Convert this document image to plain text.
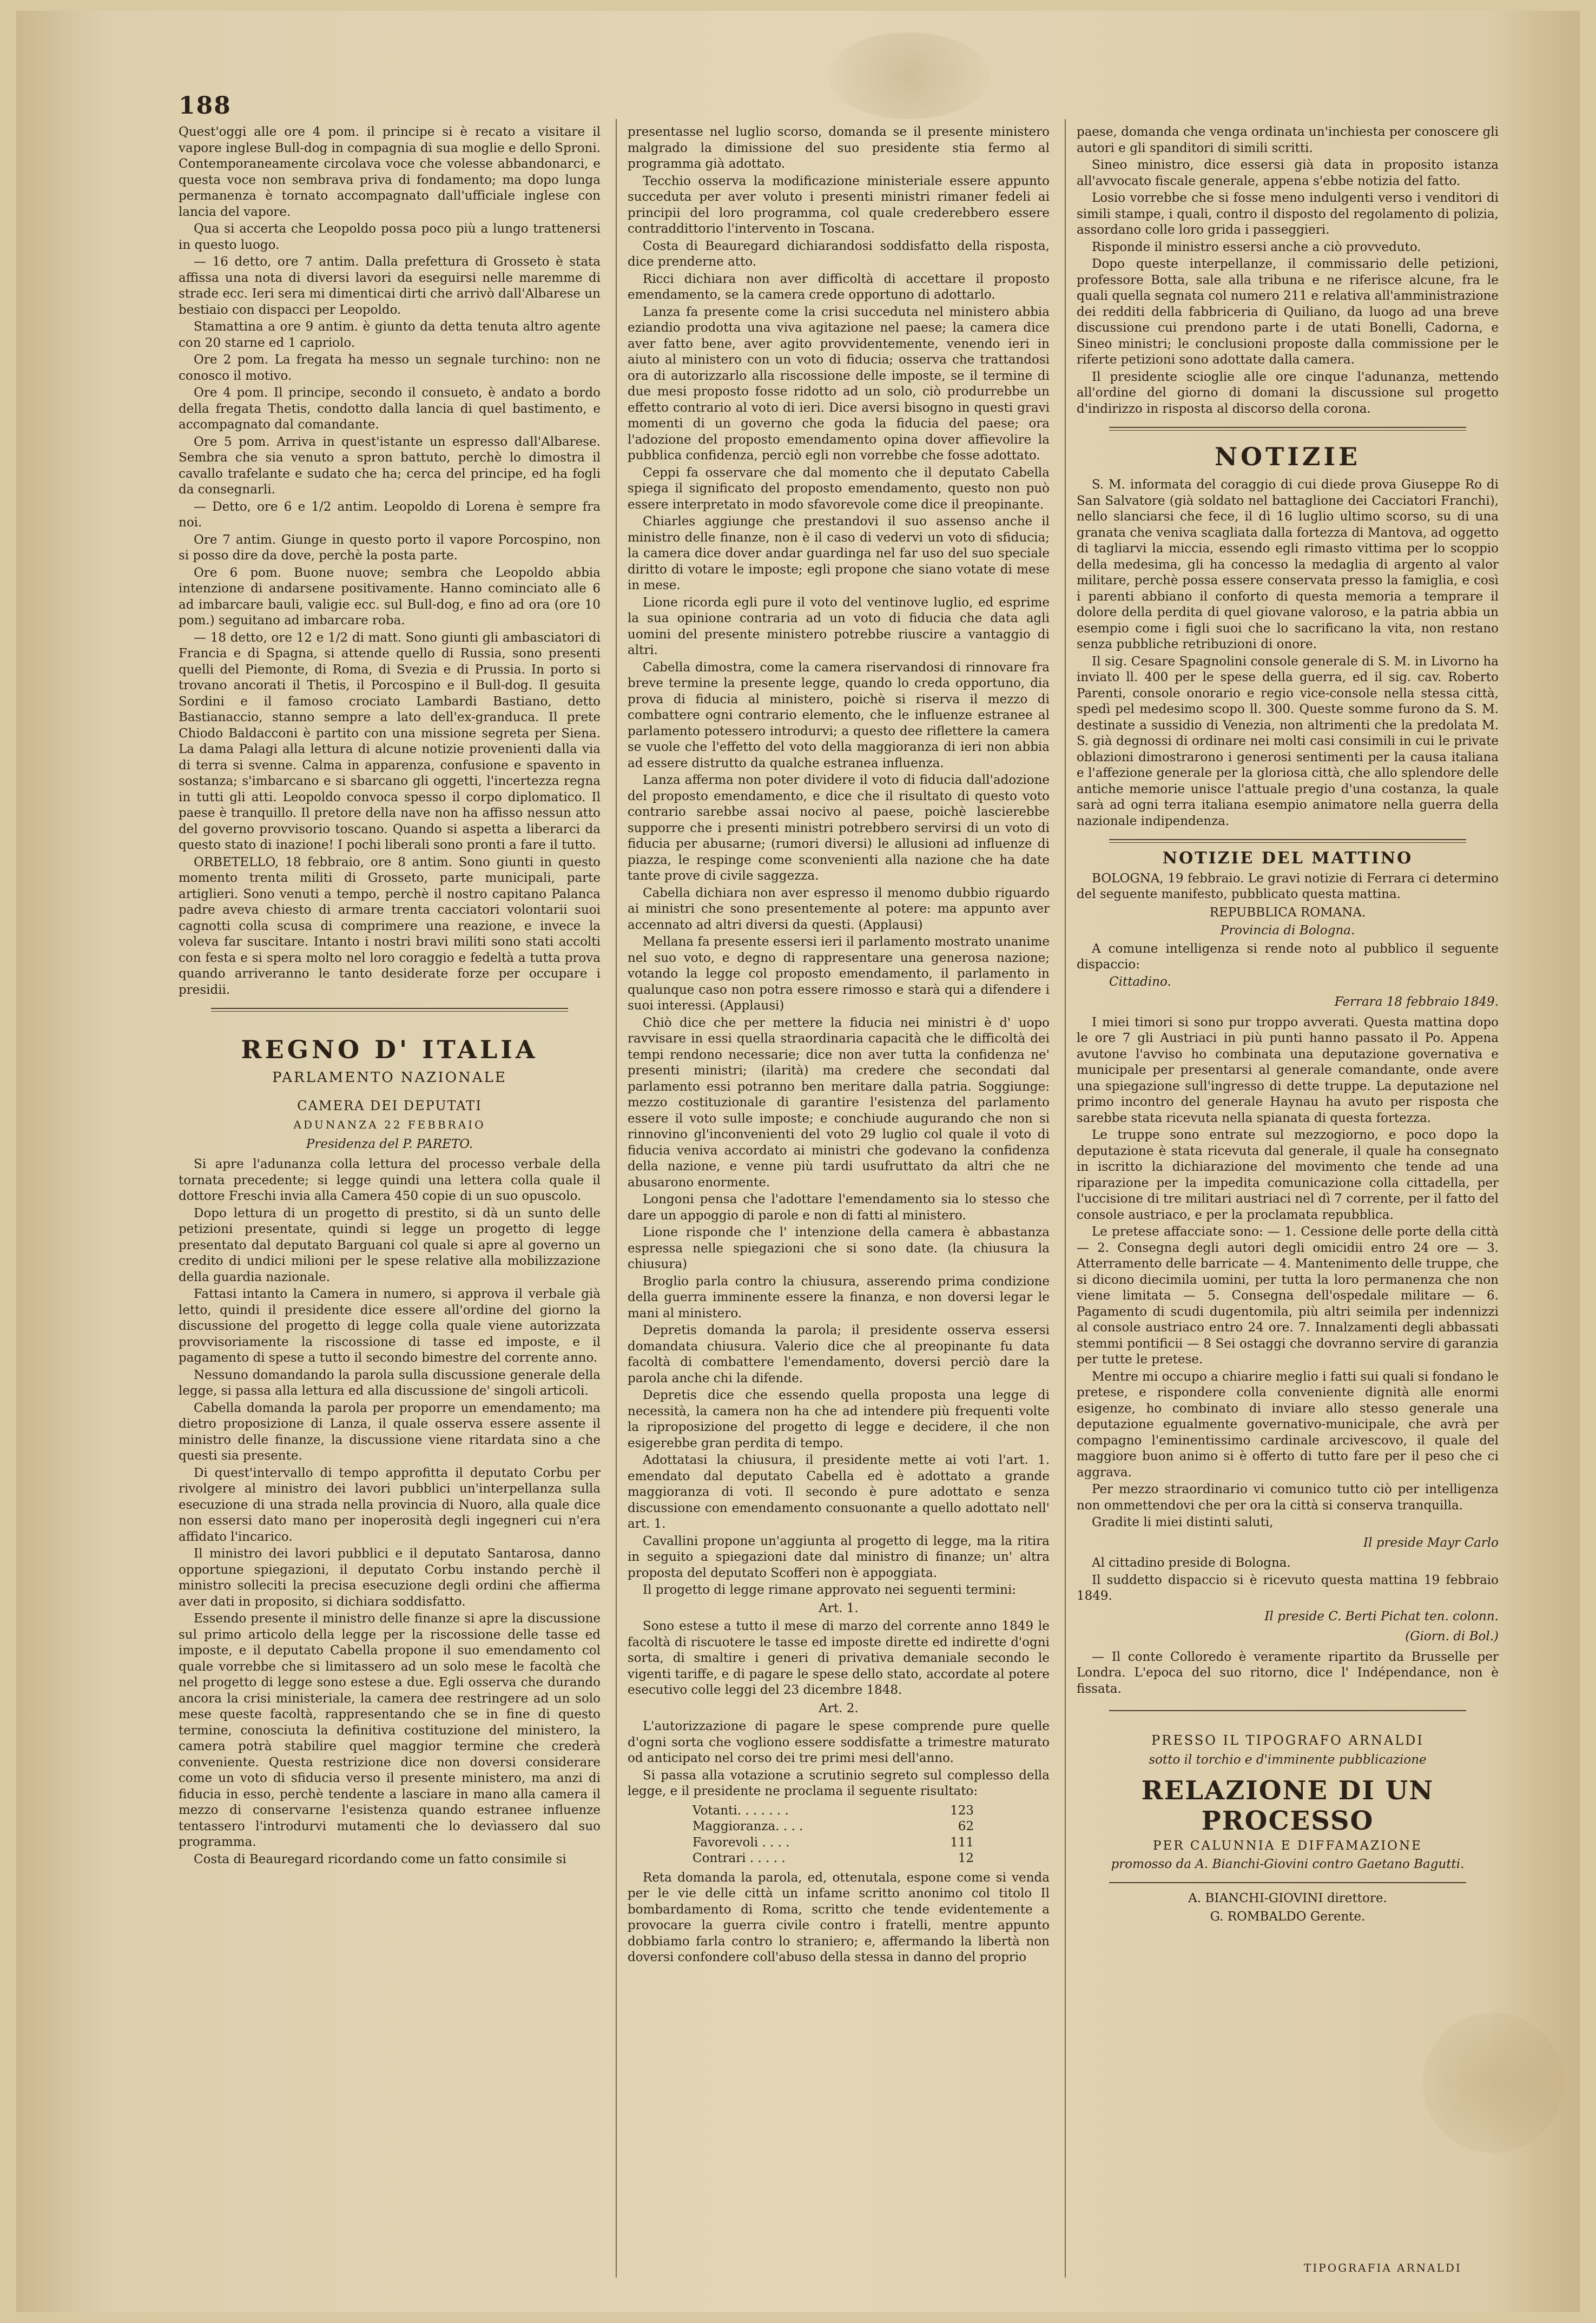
188

Quest'oggi alle ore 4 pom. il principe si è recato a visitare il vapore inglese Bull-dog in compagnia di sua moglie e dello Sproni. Contemporaneamente circolava voce che volesse abbandonarci, e questa voce non sembrava priva di fondamento; ma dopo lunga permanenza è tornato accompagnato dall'ufficiale inglese con lancia del vapore.

Qua si accerta che Leopoldo possa poco più a lungo trattenersi in questo luogo.

— 16 detto, ore 7 antim. Dalla prefettura di Grosseto è stata affissa una nota di diversi lavori da eseguirsi nelle maremme di strade ecc. Ieri sera mi dimenticai dirti che arrivò dall'Albarese un bestiaio con dispacci per Leopoldo.

Stamattina a ore 9 antim. è giunto da detta tenuta altro agente con 20 starne ed 1 capriolo.

Ore 2 pom. La fregata ha messo un segnale turchino: non ne conosco il motivo.

Ore 4 pom. Il principe, secondo il consueto, è andato a bordo della fregata Thetis, condotto dalla lancia di quel bastimento, e accompagnato dal comandante.

Ore 5 pom. Arriva in quest'istante un espresso dall'Albarese. Sembra che sia venuto a spron battuto, perchè lo dimostra il cavallo trafelante e sudato che ha; cerca del principe, ed ha fogli da consegnarli.

— Detto, ore 6 e 1/2 antim. Leopoldo di Lorena è sempre fra noi.

Ore 7 antim. Giunge in questo porto il vapore Porcospino, non si posso dire da dove, perchè la posta parte.

Ore 6 pom. Buone nuove; sembra che Leopoldo abbia intenzione di andarsene positivamente. Hanno cominciato alle 6 ad imbarcare bauli, valigie ecc. sul Bull-dog, e fino ad ora (ore 10 pom.) seguitano ad imbarcare roba.

— 18 detto, ore 12 e 1/2 di matt. Sono giunti gli ambasciatori di Francia e di Spagna, si attende quello di Russia, sono presenti quelli del Piemonte, di Roma, di Svezia e di Prussia. In porto si trovano ancorati il Thetis, il Porcospino e il Bull-dog. Il gesuita Sordini e il famoso crociato Lambardi Bastiano, detto Bastianaccio, stanno sempre a lato dell'ex-granduca. Il prete Chiodo Baldacconi è partito con una missione segreta per Siena. La dama Palagi alla lettura di alcune notizie provenienti dalla via di terra si svenne. Calma in apparenza, confusione e spavento in sostanza; s'imbarcano e si sbarcano gli oggetti, l'incertezza regna in tutti gli atti. Leopoldo convoca spesso il corpo diplomatico. Il paese è tranquillo. Il pretore della nave non ha affisso nessun atto del governo provvisorio toscano. Quando si aspetta a liberarci da questo stato di inazione! I pochi liberali sono pronti a fare il tutto.

ORBETELLO, 18 febbraio, ore 8 antim. Sono giunti in questo momento trenta militi di Grosseto, parte municipali, parte artiglieri. Sono venuti a tempo, perchè il nostro capitano Palanca padre aveva chiesto di armare trenta cacciatori volontarii suoi cagnotti colla scusa di comprimere una reazione, e invece la voleva far suscitare. Intanto i nostri bravi militi sono stati accolti con festa e si spera molto nel loro coraggio e fedeltà a tutta prova quando arriveranno le tanto desiderate forze per occupare i presidii.

REGNO D' ITALIA
PARLAMENTO NAZIONALE
CAMERA DEI DEPUTATI
ADUNANZA 22 FEBBRAIO
Presidenza del P. PARETO.

Si apre l'adunanza colla lettura del processo verbale della tornata precedente; si legge quindi una lettera colla quale il dottore Freschi invia alla Camera 450 copie di un suo opuscolo.

Dopo lettura di un progetto di prestito, si dà un sunto delle petizioni presentate, quindi si legge un progetto di legge presentato dal deputato Barguani col quale si apre al governo un credito di undici milioni per le spese relative alla mobilizzazione della guardia nazionale.

Fattasi intanto la Camera in numero, si approva il verbale già letto, quindi il presidente dice essere all'ordine del giorno la discussione del progetto di legge colla quale viene autorizzata provvisoriamente la riscossione di tasse ed imposte, e il pagamento di spese a tutto il secondo bimestre del corrente anno.

Nessuno domandando la parola sulla discussione generale della legge, si passa alla lettura ed alla discussione de' singoli articoli.

Cabella domanda la parola per proporre un emendamento; ma dietro proposizione di Lanza, il quale osserva essere assente il ministro delle finanze, la discussione viene ritardata sino a che questi sia presente.

Di quest'intervallo di tempo approfitta il deputato Corbu per rivolgere al ministro dei lavori pubblici un'interpellanza sulla esecuzione di una strada nella provincia di Nuoro, alla quale dice non essersi dato mano per inoperosità degli ingegneri cui n'era affidato l'incarico.

Il ministro dei lavori pubblici e il deputato Santarosa, danno opportune spiegazioni, il deputato Corbu instando perchè il ministro solleciti la precisa esecuzione degli ordini che affierma aver dati in proposito, si dichiara soddisfatto.

Essendo presente il ministro delle finanze si apre la discussione sul primo articolo della legge per la riscossione delle tasse ed imposte, e il deputato Cabella propone il suo emendamento col quale vorrebbe che si limitassero ad un solo mese le facoltà che nel progetto di legge sono estese a due. Egli osserva che durando ancora la crisi ministeriale, la camera dee restringere ad un solo mese queste facoltà, rappresentando che se in fine di questo termine, conosciuta la definitiva costituzione del ministero, la camera potrà stabilire quel maggior termine che crederà conveniente. Questa restrizione dice non doversi considerare come un voto di sfiducia verso il presente ministero, ma anzi di fiducia in esso, perchè tendente a lasciare in mano alla camera il mezzo di conservarne l'esistenza quando estranee influenze tentassero l'introdurvi mutamenti che lo devìassero dal suo programma.

Costa di Beauregard ricordando come un fatto consimile si

presentasse nel luglio scorso, domanda se il presente ministero malgrado la dimissione del suo presidente stia fermo al programma già adottato.

Tecchio osserva la modificazione ministeriale essere appunto succeduta per aver voluto i presenti ministri rimaner fedeli ai principii del loro programma, col quale crederebbero essere contraddittorio l'intervento in Toscana.

Costa di Beauregard dichiarandosi soddisfatto della risposta, dice prenderne atto.

Ricci dichiara non aver difficoltà di accettare il proposto emendamento, se la camera crede opportuno di adottarlo.

Lanza fa presente come la crisi succeduta nel ministero abbia eziandio prodotta una viva agitazione nel paese; la camera dice aver fatto bene, aver agito provvidentemente, venendo ieri in aiuto al ministero con un voto di fiducia; osserva che trattandosi ora di autorizzarlo alla riscossione delle imposte, se il termine di due mesi proposto fosse ridotto ad un solo, ciò produrrebbe un effetto contrario al voto di ieri. Dice aversi bisogno in questi gravi momenti di un governo che goda la fiducia del paese; ora l'adozione del proposto emendamento opina dover affievolire la pubblica confidenza, perciò egli non vorrebbe che fosse adottato.

Ceppi fa osservare che dal momento che il deputato Cabella spiega il significato del proposto emendamento, questo non può essere interpretato in modo sfavorevole come dice il preopinante.

Chiarles aggiunge che prestandovi il suo assenso anche il ministro delle finanze, non è il caso di vedervi un voto di sfiducia; la camera dice dover andar guardinga nel far uso del suo speciale diritto di votare le imposte; egli propone che siano votate di mese in mese.

Lione ricorda egli pure il voto del ventinove luglio, ed esprime la sua opinione contraria ad un voto di fiducia che data agli uomini del presente ministero potrebbe riuscire a vantaggio di altri.

Cabella dimostra, come la camera riservandosi di rinnovare fra breve termine la presente legge, quando lo creda opportuno, dia prova di fiducia al ministero, poichè si riserva il mezzo di combattere ogni contrario elemento, che le influenze estranee al parlamento potessero introdurvi; a questo dee riflettere la camera se vuole che l'effetto del voto della maggioranza di ieri non abbia ad essere distrutto da qualche estranea influenza.

Lanza afferma non poter dividere il voto di fiducia dall'adozione del proposto emendamento, e dice che il risultato di questo voto contrario sarebbe assai nocivo al paese, poichè lascierebbe supporre che i presenti ministri potrebbero servirsi di un voto di fiducia per abusarne; (rumori diversi) le allusioni ad influenze di piazza, le respinge come sconvenienti alla nazione che ha date tante prove di civile saggezza.

Cabella dichiara non aver espresso il menomo dubbio riguardo ai ministri che sono presentemente al potere: ma appunto aver accennato ad altri diversi da questi. (Applausi)

Mellana fa presente essersi ieri il parlamento mostrato unanime nel suo voto, e degno di rappresentare una generosa nazione; votando la legge col proposto emendamento, il parlamento in qualunque caso non potra essere rimosso e starà qui a difendere i suoi interessi. (Applausi)

Chiò dice che per mettere la fiducia nei ministri è d' uopo ravvisare in essi quella straordinaria capacità che le difficoltà dei tempi rendono necessarie; dice non aver tutta la confidenza ne' presenti ministri; (ilarità) ma credere che secondati dal parlamento essi potranno ben meritare dalla patria. Soggiunge: mezzo costituzionale di garantire l'esistenza del parlamento essere il voto sulle imposte; e conchiude augurando che non si rinnovino gl'inconvenienti del voto 29 luglio col quale il voto di fiducia veniva accordato ai ministri che godevano la confidenza della nazione, e venne più tardi usufruttato da altri che ne abusarono enormente.

Longoni pensa che l'adottare l'emendamento sia lo stesso che dare un appoggio di parole e non di fatti al ministero.

Lione risponde che l' intenzione della camera è abbastanza espressa nelle spiegazioni che si sono date. (la chiusura la chiusura)

Broglio parla contro la chiusura, asserendo prima condizione della guerra imminente essere la finanza, e non doversi legar le mani al ministero.

Depretis domanda la parola; il presidente osserva essersi domandata chiusura. Valerio dice che al preopinante fu data facoltà di combattere l'emendamento, doversi perciò dare la parola anche chi la difende.

Depretis dice che essendo quella proposta una legge di necessità, la camera non ha che ad intendere più frequenti volte la riproposizione del progetto di legge e decidere, il che non esigerebbe gran perdita di tempo.

Adottatasi la chiusura, il presidente mette ai voti l'art. 1. emendato dal deputato Cabella ed è adottato a grande maggioranza di voti. Il secondo è pure adottato e senza discussione con emendamento consuonante a quello adottato nell' art. 1.

Cavallini propone un'aggiunta al progetto di legge, ma la ritira in seguito a spiegazioni date dal ministro di finanze; un' altra proposta del deputato Scofferi non è appoggiata.

Il progetto di legge rimane approvato nei seguenti termini:

Art. 1.

Sono estese a tutto il mese di marzo del corrente anno 1849 le facoltà di riscuotere le tasse ed imposte dirette ed indirette d'ogni sorta, di smaltire i generi di privativa demaniale secondo le vigenti tariffe, e di pagare le spese dello stato, accordate al potere esecutivo colle leggi del 23 dicembre 1848.

Art. 2.

L'autorizzazione di pagare le spese comprende pure quelle d'ogni sorta che vogliono essere soddisfatte a trimestre maturato od anticipato nel corso dei tre primi mesi dell'anno.

Si passa alla votazione a scrutinio segreto sul complesso della legge, e il presidente ne proclama il seguente risultato:

Votanti. . . . . . .	123
Maggioranza. . . .	62
Favorevoli . . . .	111
Contrari . . . . .	12

Reta domanda la parola, ed, ottenutala, espone come si venda per le vie delle città un infame scritto anonimo col titolo Il bombardamento di Roma, scritto che tende evidentemente a provocare la guerra civile contro i fratelli, mentre appunto dobbiamo farla contro lo straniero; e, affermando la libertà non doversi confondere coll'abuso della stessa in danno del proprio

paese, domanda che venga ordinata un'inchiesta per conoscere gli autori e gli spanditori di simili scritti.

Sineo ministro, dice essersi già data in proposito istanza all'avvocato fiscale generale, appena s'ebbe notizia del fatto.

Losio vorrebbe che si fosse meno indulgenti verso i venditori di simili stampe, i quali, contro il disposto del regolamento di polizia, assordano colle loro grida i passeggieri.

Risponde il ministro essersi anche a ciò provveduto.

Dopo queste interpellanze, il commissario delle petizioni, professore Botta, sale alla tribuna e ne riferisce alcune, fra le quali quella segnata col numero 211 e relativa all'amministrazione dei redditi della fabbriceria di Quiliano, da luogo ad una breve discussione cui prendono parte i de utati Bonelli, Cadorna, e Sineo ministri; le conclusioni proposte dalla commissione per le riferte petizioni sono adottate dalla camera.

Il presidente scioglie alle ore cinque l'adunanza, mettendo all'ordine del giorno di domani la discussione sul progetto d'indirizzo in risposta al discorso della corona.

NOTIZIE

S. M. informata del coraggio di cui diede prova Giuseppe Ro di San Salvatore (già soldato nel battaglione dei Cacciatori Franchi), nello slanciarsi che fece, il dì 16 luglio ultimo scorso, su di una granata che veniva scagliata dalla fortezza di Mantova, ad oggetto di tagliarvi la miccia, essendo egli rimasto vittima per lo scoppio della medesima, gli ha concesso la medaglia di argento al valor militare, perchè possa essere conservata presso la famiglia, e così i parenti abbiano il conforto di questa memoria a temprare il dolore della perdita di quel giovane valoroso, e la patria abbia un esempio come i figli suoi che lo sacrificano la vita, non restano senza pubbliche retribuzioni di onore.

Il sig. Cesare Spagnolini console generale di S. M. in Livorno ha inviato ll. 400 per le spese della guerra, ed il sig. cav. Roberto Parenti, console onorario e regio vice-console nella stessa città, spedì pel medesimo scopo ll. 300. Queste somme furono da S. M. destinate a sussidio di Venezia, non altrimenti che la predolata M. S. già degnossi di ordinare nei molti casi consimili in cui le private oblazioni dimostrarono i generosi sentimenti per la causa italiana e l'affezione generale per la gloriosa città, che allo splendore delle antiche memorie unisce l'attuale pregio d'una costanza, la quale sarà ad ogni terra italiana esempio animatore nella guerra della nazionale indipendenza.

NOTIZIE DEL MATTINO

BOLOGNA, 19 febbraio. Le gravi notizie di Ferrara ci determino del seguente manifesto, pubblicato questa mattina.

REPUBBLICA ROMANA.
Provincia di Bologna.

A comune intelligenza si rende noto al pubblico il seguente dispaccio:

Cittadino.

Ferrara 18 febbraio 1849.

I miei timori si sono pur troppo avverati. Questa mattina dopo le ore 7 gli Austriaci in più punti hanno passato il Po. Appena avutone l'avviso ho combinata una deputazione governativa e municipale per presentarsi al generale comandante, onde avere una spiegazione sull'ingresso di dette truppe. La deputazione nel primo incontro del generale Haynau ha avuto per risposta che sarebbe stata ricevuta nella spianata di questa fortezza.

Le truppe sono entrate sul mezzogiorno, e poco dopo la deputazione è stata ricevuta dal generale, il quale ha consegnato in iscritto la dichiarazione del movimento che tende ad una riparazione per la impedita comunicazione colla cittadella, per l'uccisione di tre militari austriaci nel dì 7 corrente, per il fatto del console austriaco, e per la proclamata repubblica.

Le pretese affacciate sono: — 1. Cessione delle porte della città — 2. Consegna degli autori degli omicidii entro 24 ore — 3. Atterramento delle barricate — 4. Mantenimento delle truppe, che si dicono diecimila uomini, per tutta la loro permanenza che non viene limitata — 5. Consegna dell'ospedale militare — 6. Pagamento di scudi dugentomila, più altri seimila per indennizzi al console austriaco entro 24 ore. 7. Innalzamenti degli abbassati stemmi pontificii — 8 Sei ostaggi che dovranno servire di garanzia per tutte le pretese.

Mentre mi occupo a chiarire meglio i fatti sui quali si fondano le pretese, e rispondere colla conveniente dignità alle enormi esigenze, ho combinato di inviare allo stesso generale una deputazione egualmente governativo-municipale, che avrà per compagno l'eminentissimo cardinale arcivescovo, il quale del maggiore buon animo si è offerto di tutto fare per il peso che ci aggrava.

Per mezzo straordinario vi comunico tutto ciò per intelligenza non ommettendovi che per ora la città si conserva tranquilla.

Gradite li miei distinti saluti,

Il preside Mayr Carlo

Al cittadino preside di Bologna.

Il suddetto dispaccio si è ricevuto questa mattina 19 febbraio 1849.

Il preside C. Berti Pichat ten. colonn.
(Giorn. di Bol.)

— Il conte Colloredo è veramente ripartito da Brusselle per Londra. L'epoca del suo ritorno, dice l' Indépendance, non è fissata.

PRESSO IL TIPOGRAFO ARNALDI
sotto il torchio e d'imminente pubblicazione
RELAZIONE DI UN PROCESSO
PER CALUNNIA E DIFFAMAZIONE
promosso da A. Bianchi-Giovini contro Gaetano Bagutti.
A. BIANCHI-GIOVINI direttore.
G. ROMBALDO Gerente.
TIPOGRAFIA ARNALDI
